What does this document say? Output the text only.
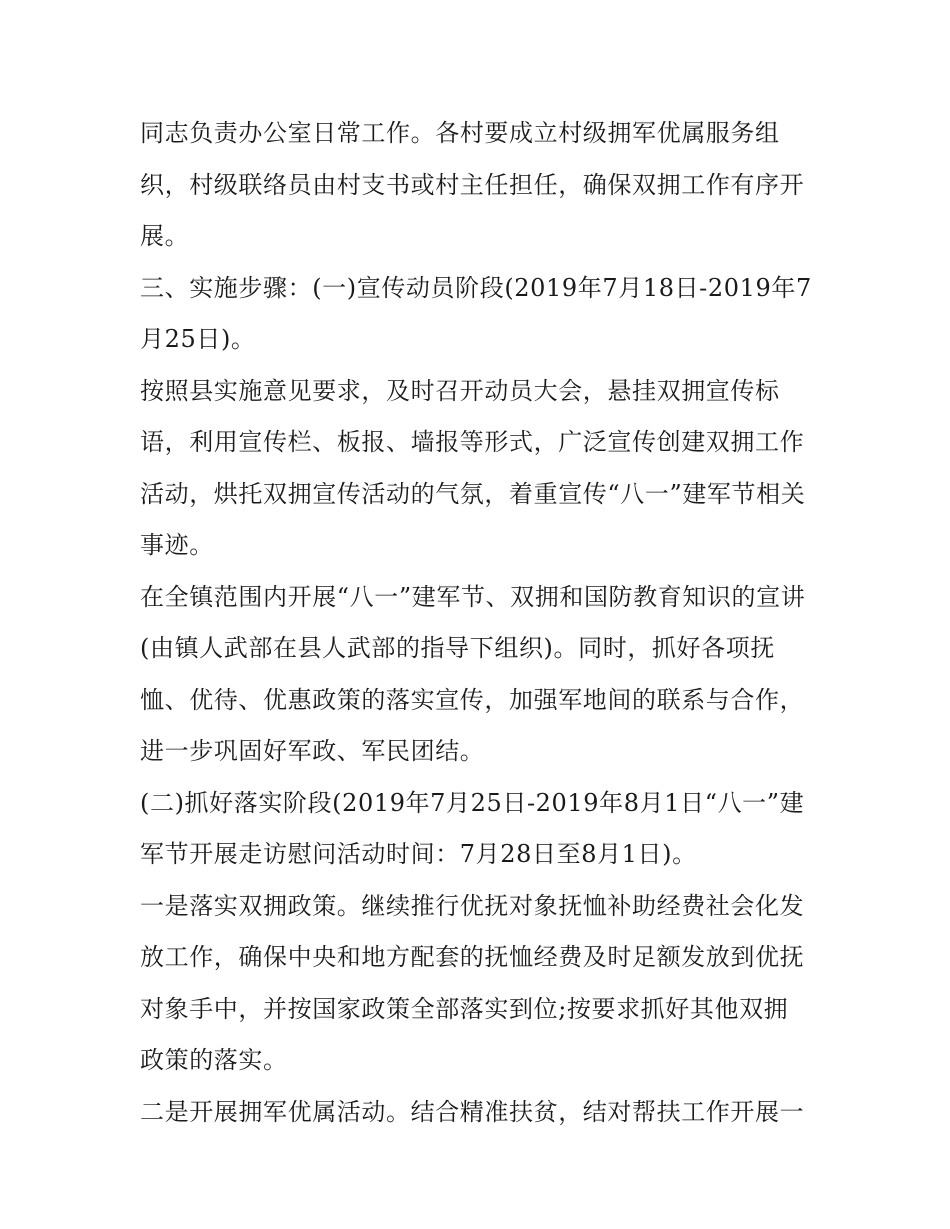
同志负责办公室日常工作。各村要成立村级拥军优属服务组

织，村级联络员由村支书或村主任担任，确保双拥工作有序开

展。

三、实施步骤：(一)宣传动员阶段(2019年7月18日-2019年7

月25日)。

按照县实施意见要求，及时召开动员大会，悬挂双拥宣传标

语，利用宣传栏、板报、墙报等形式，广泛宣传创建双拥工作

活动，烘托双拥宣传活动的气氛，着重宣传“八一”建军节相关

事迹。

在全镇范围内开展“八一”建军节、双拥和国防教育知识的宣讲

(由镇人武部在县人武部的指导下组织)。同时，抓好各项抚

恤、优待、优惠政策的落实宣传，加强军地间的联系与合作，

进一步巩固好军政、军民团结。

(二)抓好落实阶段(2019年7月25日-2019年8月1日“八一”建

军节开展走访慰问活动时间：7月28日至8月1日)。

一是落实双拥政策。继续推行优抚对象抚恤补助经费社会化发

放工作，确保中央和地方配套的抚恤经费及时足额发放到优抚

对象手中，并按国家政策全部落实到位;按要求抓好其他双拥

政策的落实。

二是开展拥军优属活动。结合精准扶贫，结对帮扶工作开展一
